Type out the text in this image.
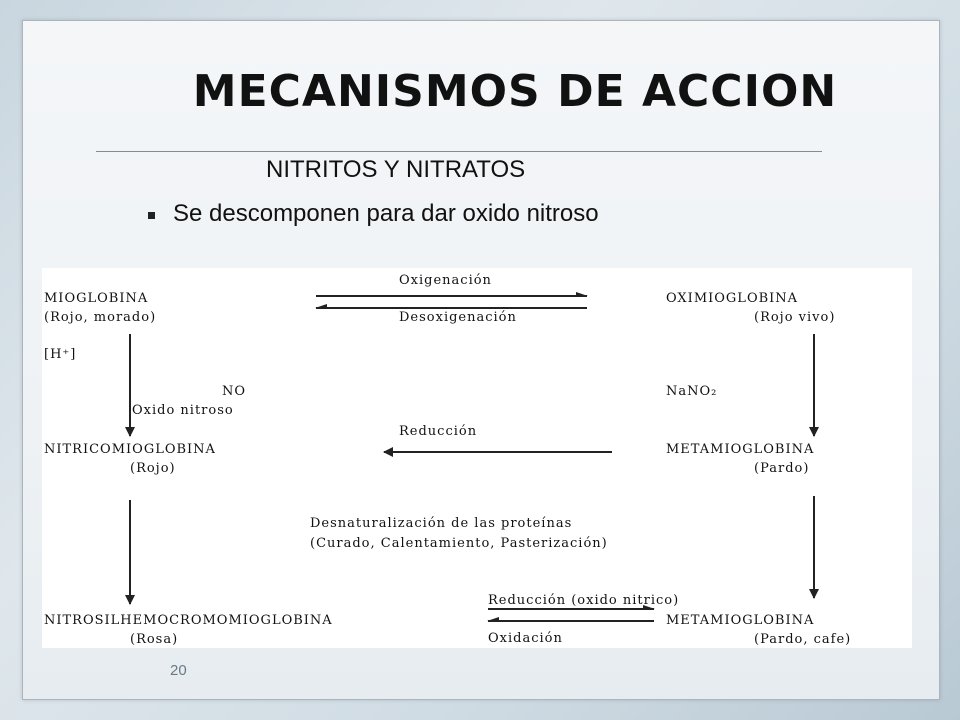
MECANISMOS DE ACCION
NITRITOS Y NITRATOS
Se descomponen para dar oxido nitroso
MIOGLOBINA
(Rojo, morado)
OXIMIOGLOBINA
(Rojo vivo)
NITRICOMIOGLOBINA
(Rojo)
METAMIOGLOBINA
(Pardo)
NITROSILHEMOCROMOMIOGLOBINA
(Rosa)
METAMIOGLOBINA
(Pardo, cafe)
Oxigenación
Desoxigenación
[H⁺]
NO
Oxido nitroso
NaNO₂
Reducción
Desnaturalización de las proteínas
(Curado, Calentamiento, Pasterización)
Reducción (oxido nitrico)
Oxidación
20
